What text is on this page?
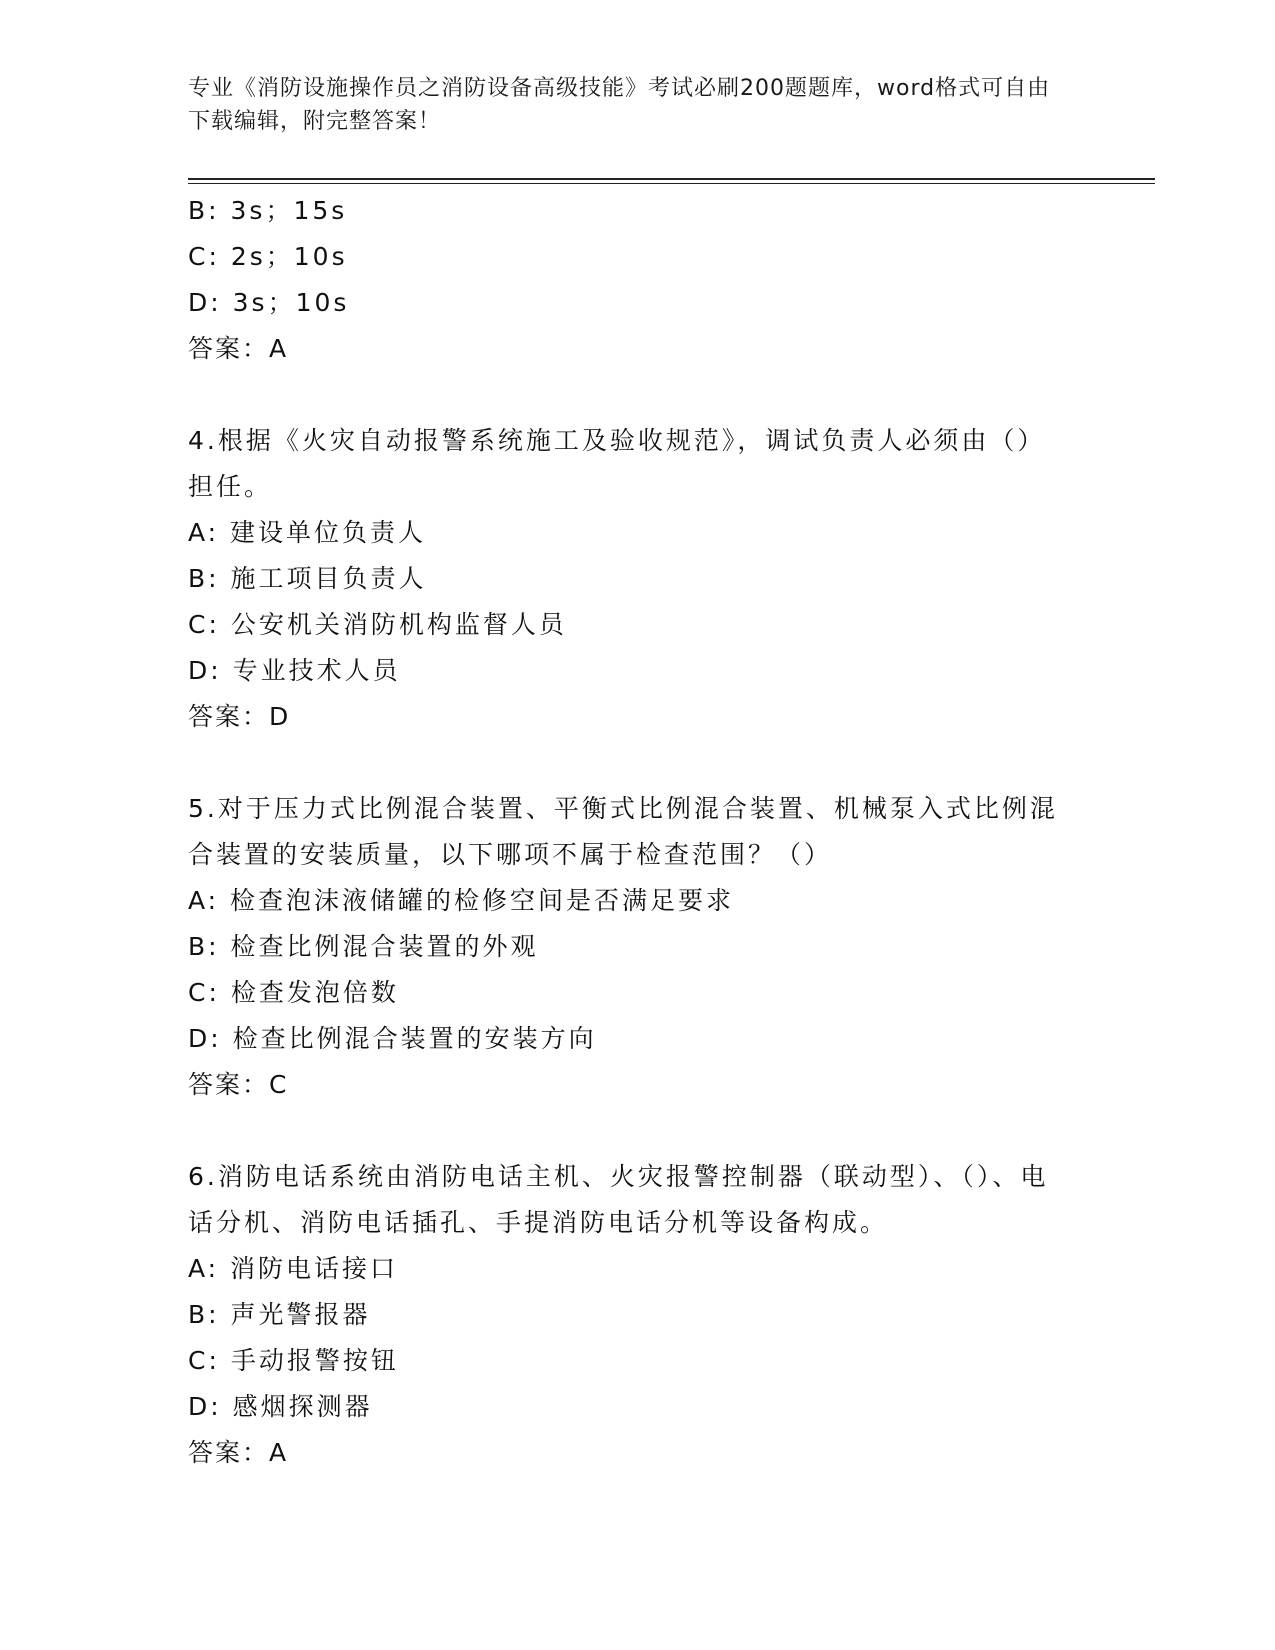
专业《消防设施操作员之消防设备高级技能》考试必刷200题题库，word格式可自由下载编辑，附完整答案！
B: 3s；15s
C: 2s；10s
D: 3s；10s
答案：A
4.根据《火灾自动报警系统施工及验收规范》，调试负责人必须由（）担任。
A: 建设单位负责人
B: 施工项目负责人
C: 公安机关消防机构监督人员
D: 专业技术人员
答案：D
5.对于压力式比例混合装置、平衡式比例混合装置、机械泵入式比例混合装置的安装质量，以下哪项不属于检查范围？（）
A: 检查泡沫液储罐的检修空间是否满足要求
B: 检查比例混合装置的外观
C: 检查发泡倍数
D: 检查比例混合装置的安装方向
答案：C
6.消防电话系统由消防电话主机、火灾报警控制器（联动型）、（）、电话分机、消防电话插孔、手提消防电话分机等设备构成。
A: 消防电话接口
B: 声光警报器
C: 手动报警按钮
D: 感烟探测器
答案：A
